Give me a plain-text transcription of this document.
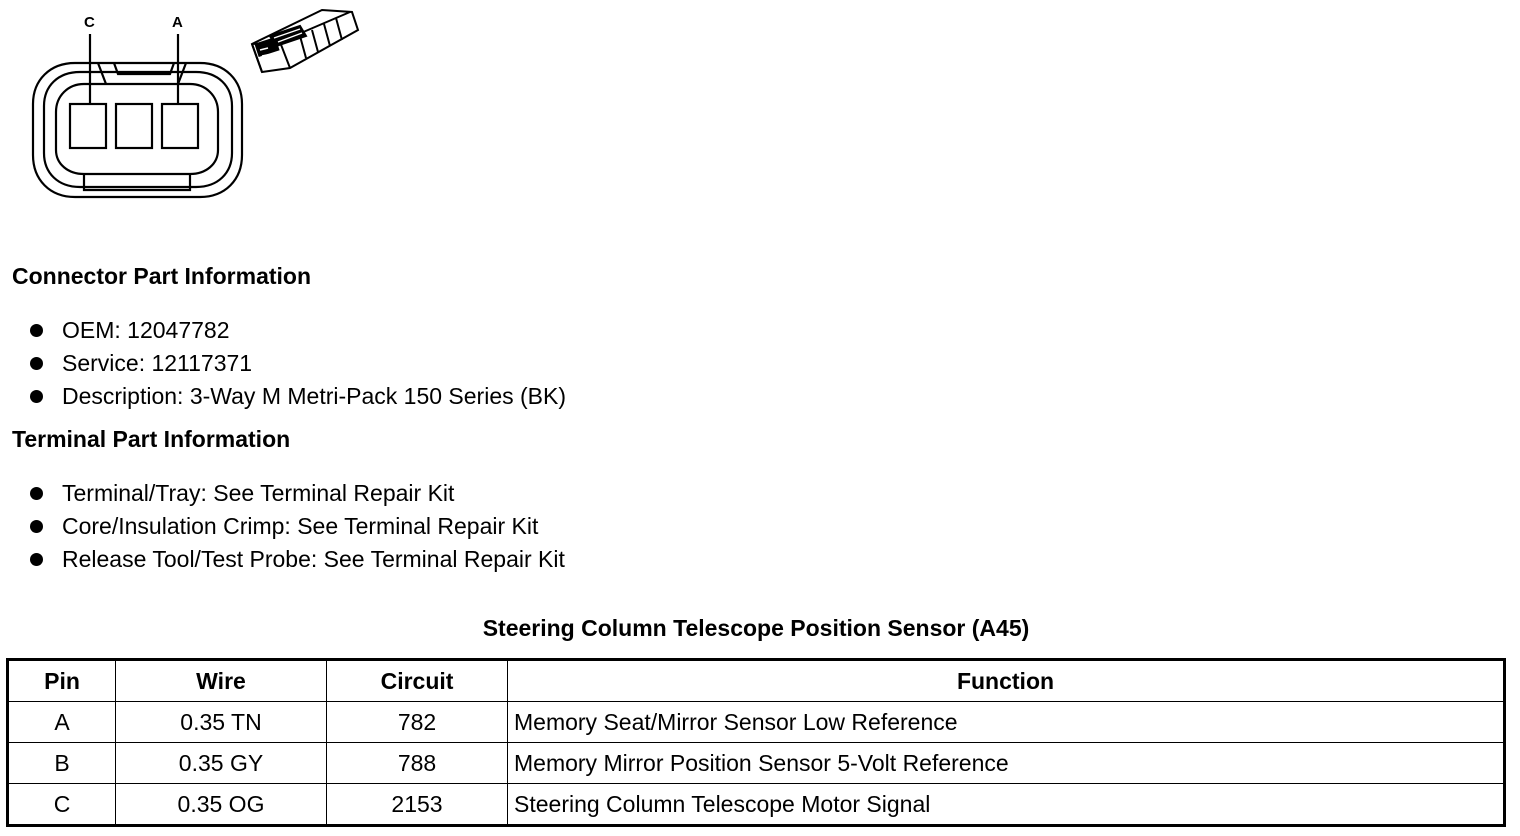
C	A
Connector Part Information
OEM: 12047782
Service: 12117371
Description: 3-Way M Metri-Pack 150 Series (BK)
Terminal Part Information
Terminal/Tray: See Terminal Repair Kit
Core/Insulation Crimp: See Terminal Repair Kit
Release Tool/Test Probe: See Terminal Repair Kit
Steering Column Telescope Position Sensor (A45)
Pin	Wire	Circuit	Function
A	0.35 TN	782	Memory Seat/Mirror Sensor Low Reference
B	0.35 GY	788	Memory Mirror Position Sensor 5-Volt Reference
C	0.35 OG	2153	Steering Column Telescope Motor Signal
